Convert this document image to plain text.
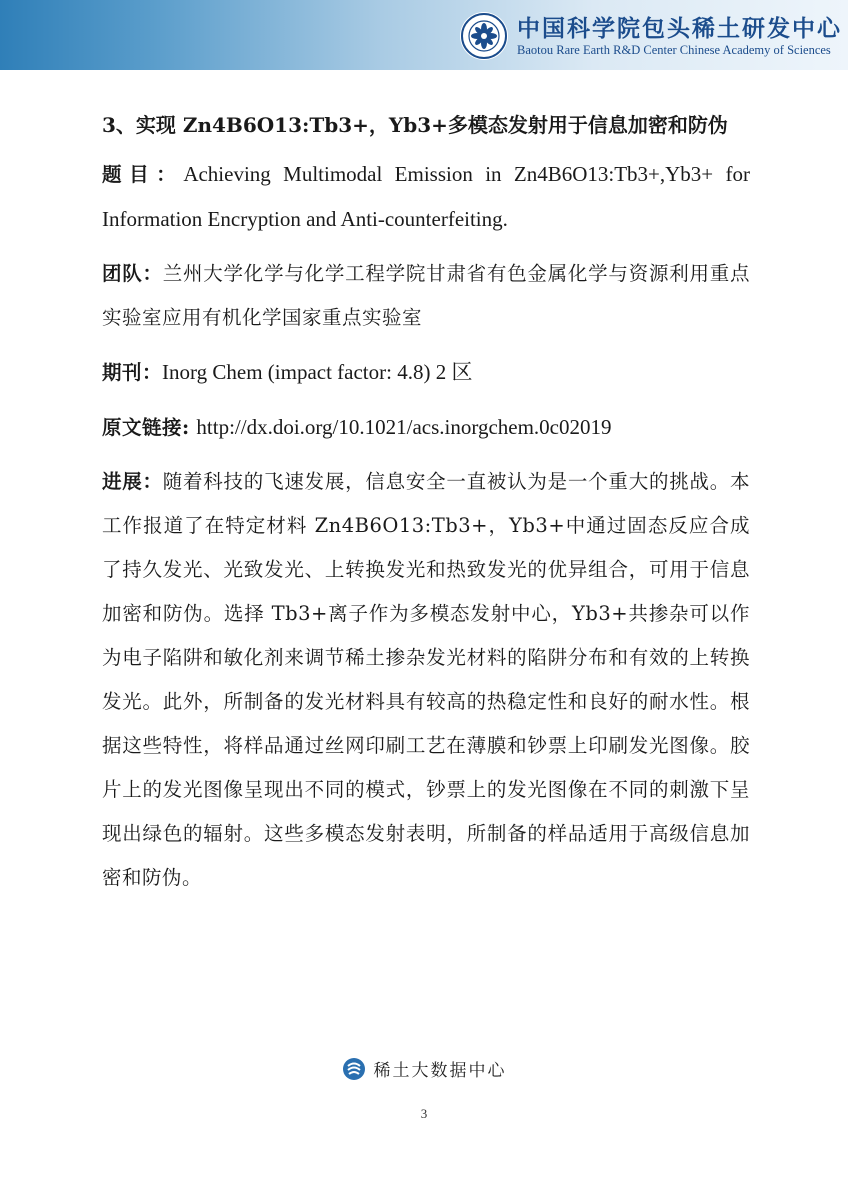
中国科学院包头稀土研发中心
Baotou Rare Earth R&D Center Chinese Academy of Sciences
3、实现 Zn4B6O13:Tb3+，Yb3+多模态发射用于信息加密和防伪

题目：Achieving Multimodal Emission in Zn4B6O13:Tb3+,Yb3+ for Information Encryption and Anti-counterfeiting.

团队：兰州大学化学与化学工程学院甘肃省有色金属化学与资源利用重点实验室应用有机化学国家重点实验室

期刊：Inorg Chem (impact factor: 4.8) 2 区

原文链接: http://dx.doi.org/10.1021/acs.inorgchem.0c02019

进展：随着科技的飞速发展，信息安全一直被认为是一个重大的挑战。本工作报道了在特定材料 Zn4B6O13:Tb3+，Yb3+中通过固态反应合成了持久发光、光致发光、上转换发光和热致发光的优异组合，可用于信息加密和防伪。选择 Tb3+离子作为多模态发射中心，Yb3+共掺杂可以作为电子陷阱和敏化剂来调节稀土掺杂发光材料的陷阱分布和有效的上转换发光。此外，所制备的发光材料具有较高的热稳定性和良好的耐水性。根据这些特性，将样品通过丝网印刷工艺在薄膜和钞票上印刷发光图像。胶片上的发光图像呈现出不同的模式，钞票上的发光图像在不同的刺激下呈现出绿色的辐射。这些多模态发射表明，所制备的样品适用于高级信息加密和防伪。

稀土大数据中心
3
